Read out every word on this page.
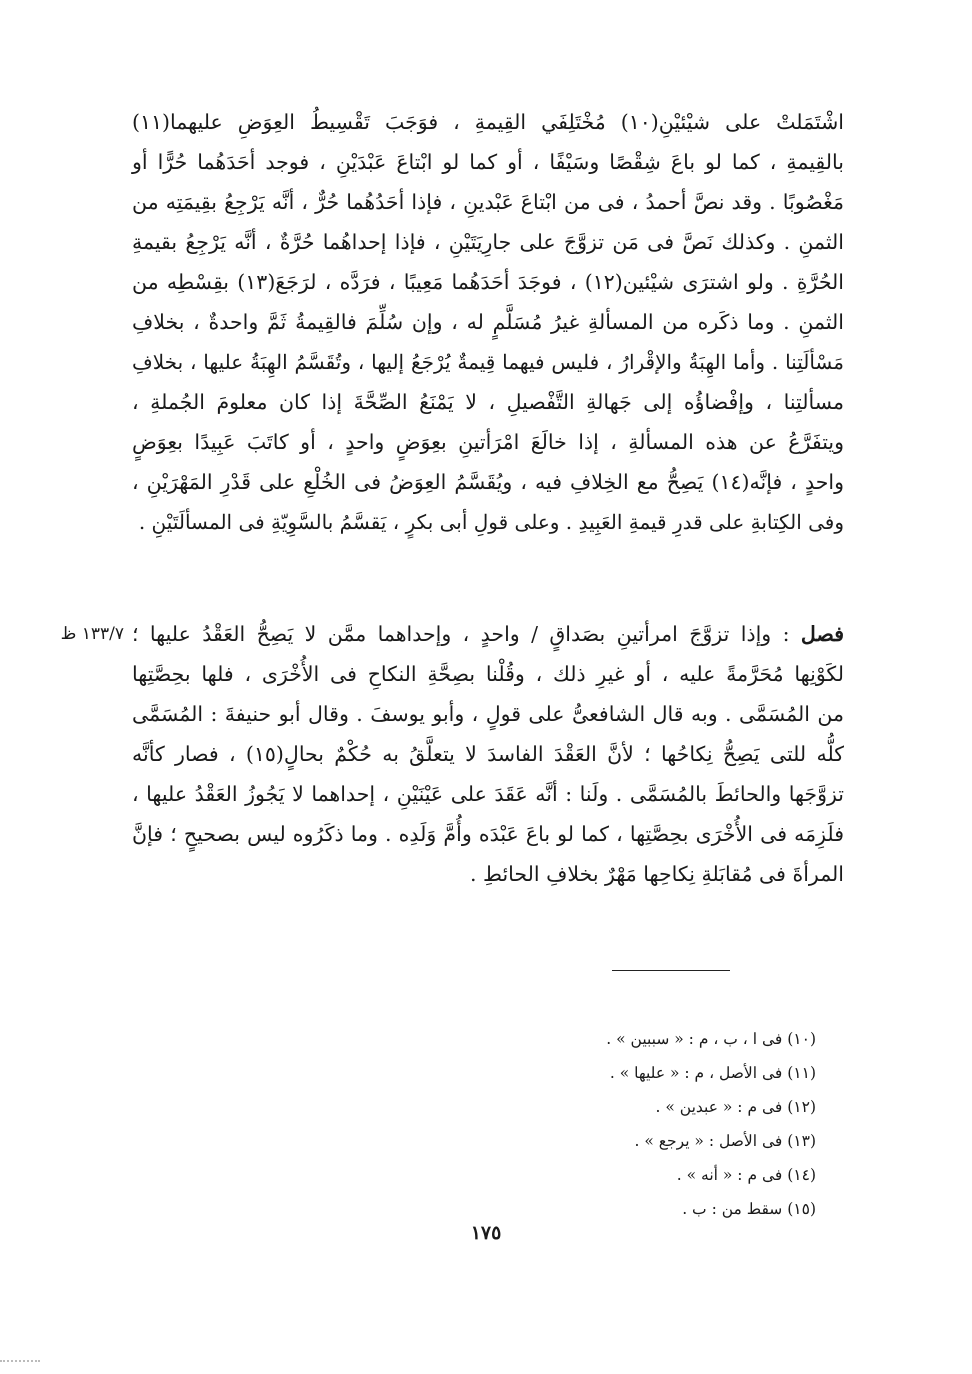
اشْتَمَلتْ على شيْئيْنِ(١٠) مُخْتَلِفَي القِيمةِ ، فوَجَبَ تَقْسِيطُ العِوَضِ عليهما(١١)
بالقِيمةِ ، كما لو باعَ شِقْصًا وسَيْفًا ، أو كما لو ابْتاعَ عَبْدَيْنِ ، فوجد أحَدَهُما حُرًّا أو
مَغْصُوبًا . وقد نصَّ أحمدُ ، فى من ابْتاعَ عَبْدينِ ، فإذا أحَدُهُما حُرٌّ ، أنَّه يَرْجِعُ بقِيمَتِه من
الثمنِ . وكذلك نَصَّ فى مَن تزوَّجَ على جارِيَتَيْنِ ، فإذا إحداهُما حُرَّةٌ ، أنَّه يَرْجِعُ بقيمةِ
الحُرَّةِ . ولو اشترَى شيْئين(١٢) ، فوجَدَ أحَدَهُما مَعِيبًا ، فرَدَّه ، لرَجَعَ(١٣) بقِسْطِه من
الثمنِ . وما ذكَره من المسألةِ غيرُ مُسَلَّمٍ له ، وإن سُلِّمَ فالقِيمةُ ثَمَّ واحدةٌ ، بخلافِ
مَسْألَتِنا . وأما الهِبَةُ والإقْرارُ ، فليس فيهما قِيمةٌ يُرْجَعُ إليها ، وتُقَسَّمُ الهِبَةُ عليها ، بخلافِ
مسألتِنا ، وإفْضاؤُه إلى جَهالةِ التَّفْصيلِ ، لا يَمْنَعُ الصِّحَّةَ إذا كان معلومَ الجُملةِ ،
ويتفَرَّعُ عن هذه المسألةِ ، إذا خالَعَ امْرَأتينِ بعِوَضٍ واحدٍ ، أو كاتَبَ عَبِيدًا بعِوَضٍ
واحدٍ ، فإنَّه(١٤) يَصِحُّ مع الخِلافِ فيه ، ويُقَسَّمُ العِوَضُ فى الخُلْعِ على قَدْرِ المَهْرَيْنِ ،
وفى الكِتابةِ على قدرِ قيمةِ العَبِيدِ . وعلى قولِ أبى بكرٍ ، يَقسَّمُ بالسَّوِيّةِ فى المسألَتَيْنِ .
١٣٣/٧ ظ	فصل : وإذا تزوَّجَ امرأتينِ بصَداقٍ / واحدٍ ، وإحداهما ممَّن لا يَصِحُّ العَقْدُ عليها ؛
لكَوْنِها مُحَرَّمةً عليه ، أو غيرِ ذلك ، وقُلْنا بصِحَّةِ النكاحِ فى الأُخْرَى ، فلها بحِصَّتِها
من المُسَمَّى . وبه قال الشافعىُّ على قولٍ ، وأبو يوسفَ . وقال أبو حنيفةَ : المُسَمَّى
كلُّه للتى يَصِحُّ نِكاحُها ؛ لأنَّ العَقْدَ الفاسدَ لا يتعلَّقُ به حُكْمٌ بحالٍ(١٥) ، فصار كأنَّه
تزوَّجَها والحائطَ بالمُسَمَّى . ولَنا : أنَّه عَقَدَ على عَيْنَيْنِ ، إحداهما لا يَجُوزُ العَقْدُ عليها ،
فلَزِمَه فى الأُخْرَى بحِصَّتِها ، كما لو باعَ عَبْدَه وأُمَّ وَلَدِه . وما ذكَرُوه ليس بصحيحٍ ؛ فإنَّ
المرأةَ فى مُقابَلةِ نِكاحِها مَهْرٌ بخلافِ الحائطِ .
(١٠) فى ا ، ب ، م : « سببين » .
(١١) فى الأصل ، م : « عليها » .
(١٢) فى م : « عبدين » .
(١٣) فى الأصل : « يرجع » .
(١٤) فى م : « أنه » .
(١٥) سقط من : ب .
١٧٥
